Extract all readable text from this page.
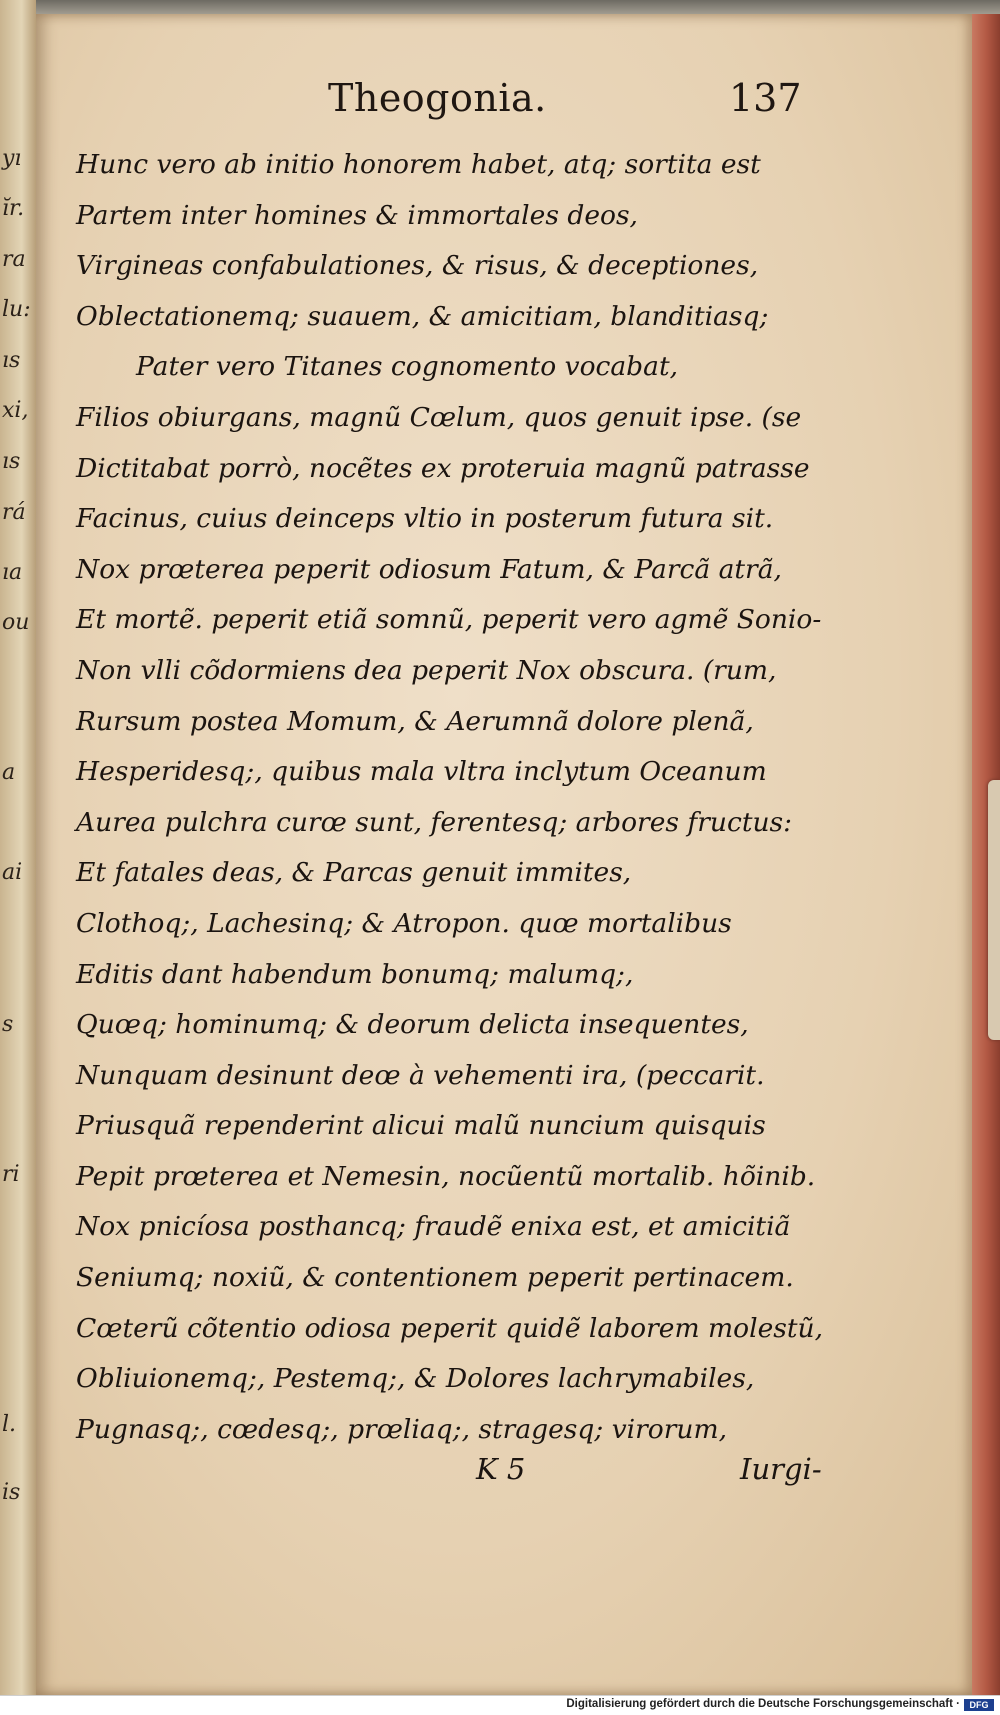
yı
ĭr.
ra
lu:
ıs
xi,
ıs
rá
ıa
ou
a
ai
s
ri
l.
is
Theogonia.	137
Hunc vero ab initio honorem habet, atq; sortita est
Partem inter homines & immortales deos,
Virgineas confabulationes, & risus, & deceptiones,
Oblectationemq; suauem, & amicitiam, blanditiasq;
Pater vero Titanes cognomento vocabat,
Filios obiurgans, magnũ Cœlum, quos genuit ipse. (se
Dictitabat porrò, nocẽtes ex proteruia magnũ patrasse
Facinus, cuius deinceps vltio in posterum futura sit.
Nox prœterea peperit odiosum Fatum, & Parcã atrã,
Et mortẽ. peperit etiã somnũ, peperit vero agmẽ Sonio-
Non vlli cõdormiens dea peperit Nox obscura. (rum,
Rursum postea Momum, & Aerumnã dolore plenã,
Hesperidesq;, quibus mala vltra inclytum Oceanum
Aurea pulchra curœ sunt, ferentesq; arbores fructus:
Et fatales deas, & Parcas genuit immites,
Clothoq;, Lachesinq; & Atropon. quœ mortalibus
Editis dant habendum bonumq; malumq;,
Quœq; hominumq; & deorum delicta insequentes,
Nunquam desinunt deœ à vehementi ira, (peccarit.
Priusquã rependerint alicui malũ nuncium quisquis
Pepit prœterea et Nemesin, nocũentũ mortalib. hõinib.
Nox pnicíosa posthancq; fraudẽ enixa est, et amicitiã
Seniumq; noxiũ, & contentionem peperit pertinacem.
Cœterũ cõtentio odiosa peperit quidẽ laborem molestũ,
Obliuionemq;, Pestemq;, & Dolores lachrymabiles,
Pugnasq;, cœdesq;, prœliaq;, stragesq; virorum,
K 5	Iurgi-
Digitalisierung gefördert durch die Deutsche Forschungsgemeinschaft ·	DFG
